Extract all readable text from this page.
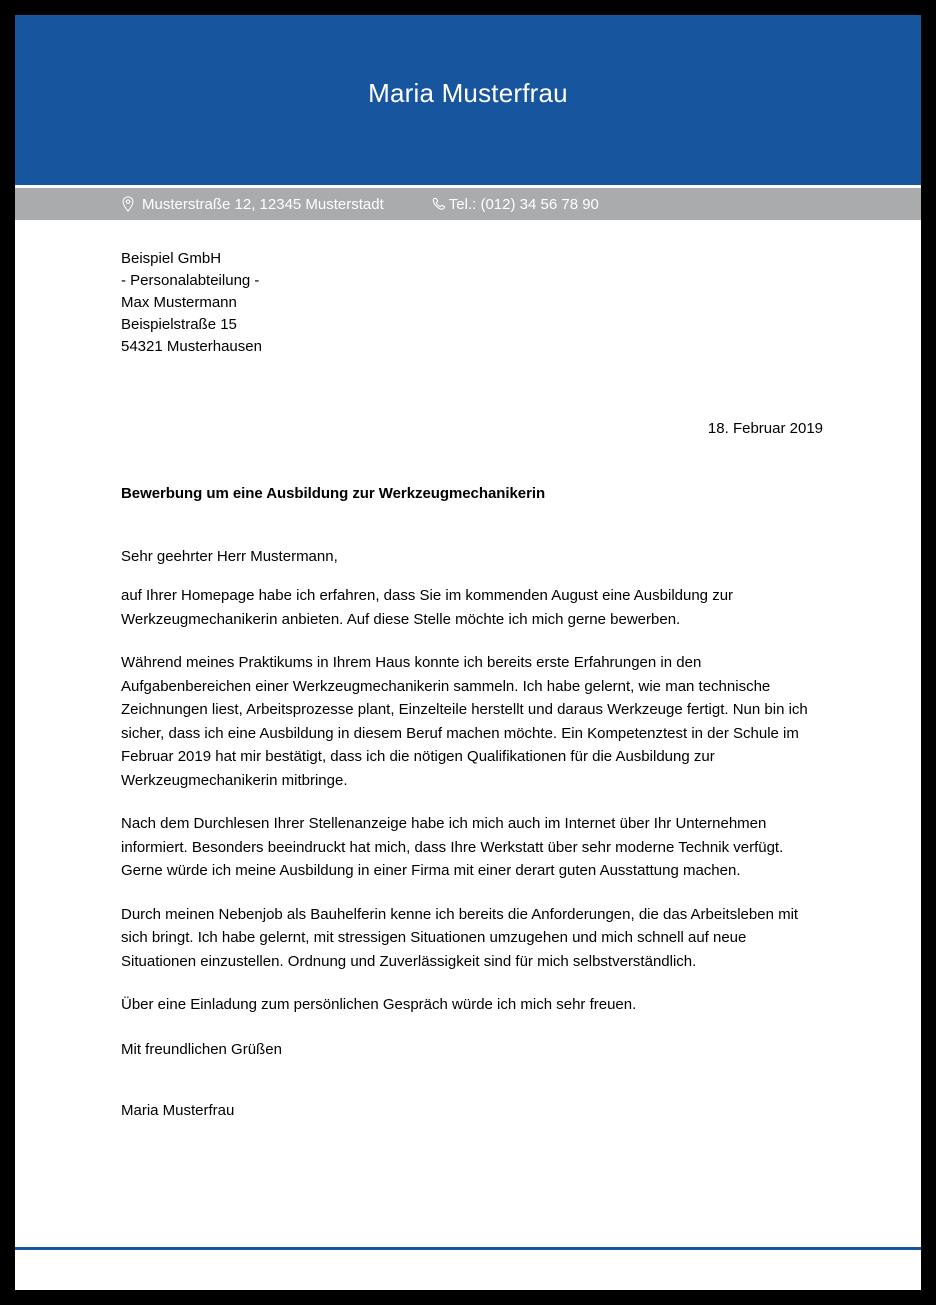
Maria Musterfrau
Musterstraße 12, 12345 Musterstadt	Tel.: (012) 34 56 78 90
Beispiel GmbH
- Personalabteilung -
Max Mustermann
Beispielstraße 15
54321 Musterhausen
18. Februar 2019
Bewerbung um eine Ausbildung zur Werkzeugmechanikerin
Sehr geehrter Herr Mustermann,

auf Ihrer Homepage habe ich erfahren, dass Sie im kommenden August eine Ausbildung zur Werkzeugmechanikerin anbieten. Auf diese Stelle möchte ich mich gerne bewerben.

Während meines Praktikums in Ihrem Haus konnte ich bereits erste Erfahrungen in den Aufgabenbereichen einer Werkzeugmechanikerin sammeln. Ich habe gelernt, wie man technische Zeichnungen liest, Arbeitsprozesse plant, Einzelteile herstellt und daraus Werkzeuge fertigt. Nun bin ich sicher, dass ich eine Ausbildung in diesem Beruf machen möchte. Ein Kompetenztest in der Schule im Februar 2019 hat mir bestätigt, dass ich die nötigen Qualifikationen für die Ausbildung zur Werkzeugmechanikerin mitbringe.

Nach dem Durchlesen Ihrer Stellenanzeige habe ich mich auch im Internet über Ihr Unternehmen informiert. Besonders beeindruckt hat mich, dass Ihre Werkstatt über sehr moderne Technik verfügt. Gerne würde ich meine Ausbildung in einer Firma mit einer derart guten Ausstattung machen.

Durch meinen Nebenjob als Bauhelferin kenne ich bereits die Anforderungen, die das Arbeitsleben mit sich bringt. Ich habe gelernt, mit stressigen Situationen umzugehen und mich schnell auf neue Situationen einzustellen. Ordnung und Zuverlässigkeit sind für mich selbstverständlich.

Über eine Einladung zum persönlichen Gespräch würde ich mich sehr freuen.

Mit freundlichen Grüßen
Maria Musterfrau
